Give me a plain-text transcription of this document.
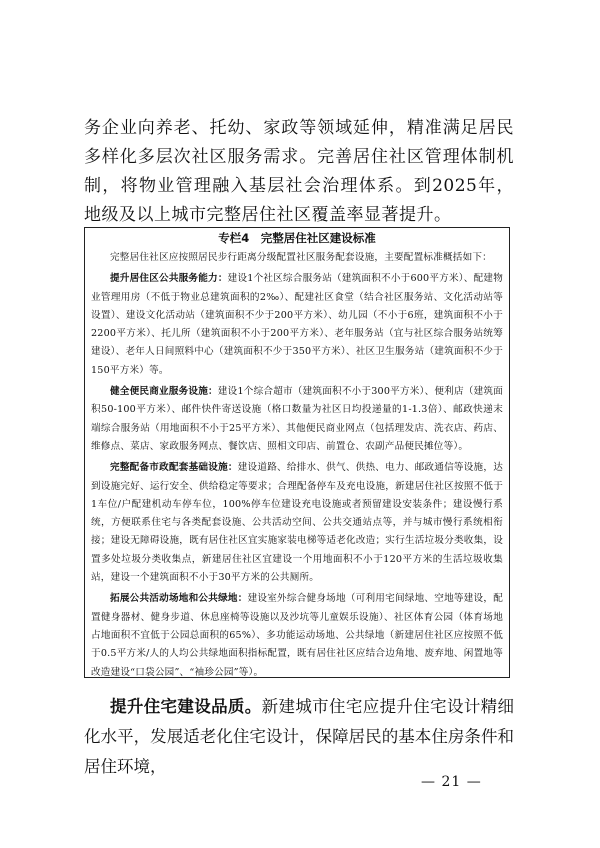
务企业向养老、托幼、家政等领域延伸，精准满足居民多样化多层次社区服务需求。完善居住社区管理体制机制，将物业管理融入基层社会治理体系。到2025年，地级及以上城市完整居住社区覆盖率显著提升。

专栏4　完整居住社区建设标准

完整居住社区应按照居民步行距离分级配置社区服务配套设施，主要配置标准概括如下：

提升居住区公共服务能力：建设1个社区综合服务站（建筑面积不小于600平方米）、配建物业管理用房（不低于物业总建筑面积的2‰）、配建社区食堂（结合社区服务站、文化活动站等设置）、建设文化活动站（建筑面积不少于200平方米）、幼儿园（不小于6班，建筑面积不小于2200平方米）、托儿所（建筑面积不小于200平方米）、老年服务站（宜与社区综合服务站统筹建设）、老年人日间照料中心（建筑面积不少于350平方米）、社区卫生服务站（建筑面积不少于150平方米）等。

健全便民商业服务设施：建设1个综合超市（建筑面积不小于300平方米）、便利店（建筑面积50-100平方米）、邮件快件寄送设施（格口数量为社区日均投递量的1-1.3倍）、邮政快递末端综合服务站（用地面积不小于25平方米）、其他便民商业网点（包括理发店、洗衣店、药店、维修点、菜店、家政服务网点、餐饮店、照相文印店、前置仓、农副产品便民摊位等）。

完整配备市政配套基础设施：建设道路、给排水、供气、供热、电力、邮政通信等设施，达到设施完好、运行安全、供给稳定等要求；合理配备停车及充电设施，新建居住社区按照不低于1车位/户配建机动车停车位，100%停车位建设充电设施或者预留建设安装条件；建设慢行系统，方便联系住宅与各类配套设施、公共活动空间、公共交通站点等，并与城市慢行系统相衔接；建设无障碍设施，既有居住社区宜实施家装电梯等适老化改造；实行生活垃圾分类收集，设置多处垃圾分类收集点，新建居住社区宜建设一个用地面积不小于120平方米的生活垃圾收集站，建设一个建筑面积不小于30平方米的公共厕所。

拓展公共活动场地和公共绿地：建设室外综合健身场地（可利用宅间绿地、空地等建设，配置健身器材、健身步道、休息座椅等设施以及沙坑等儿童娱乐设施）、社区体育公园（体育场地占地面积不宜低于公园总面积的65%）、多功能运动场地、公共绿地（新建居住社区应按照不低于0.5平方米/人的人均公共绿地面积指标配置，既有居住社区应结合边角地、废弃地、闲置地等改造建设“口袋公园”、“袖珍公园”等）。

提升住宅建设品质。新建城市住宅应提升住宅设计精细化水平，发展适老化住宅设计，保障居民的基本住房条件和居住环境，

— 21 —
